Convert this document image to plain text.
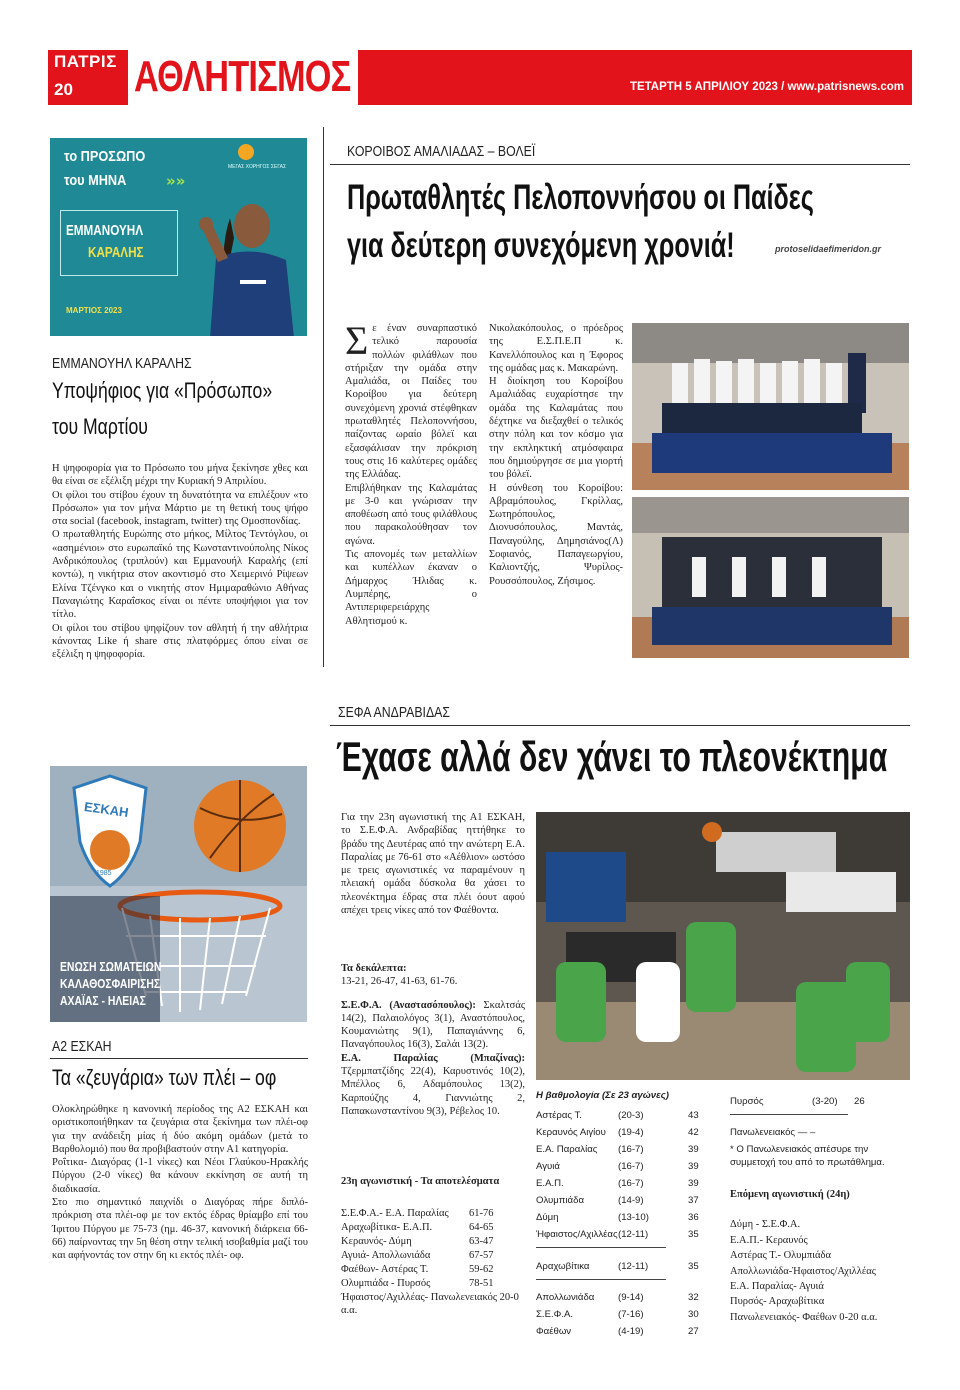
ΠΑΤΡΙΣ
20 ΑΘΛΗΤΙΣΜΟΣ	ΤΕΤΑΡΤΗ 5 ΑΠΡΙΛΙΟΥ 2023 / www.patrisnews.com
το ΠΡΟΣΩΠΟ
του ΜΗΝΑ	»»
ΜΕΓΑΣ ΧΟΡΗΓΟΣ ΣΕΓΑΣ
ΕΜΜΑΝΟΥΗΛ
ΚΑΡΑΛΗΣ
ΜΑΡΤΙΟΣ 2023
ΕΜΜΑΝΟΥΗΛ ΚΑΡΑΛΗΣ
Υποψήφιος για «Πρόσωπο»
του Μαρτίου

Η ψηφοφορία για το Πρόσωπο του μήνα ξεκίνησε χθες και θα είναι σε εξέλιξη μέχρι την Κυριακή 9 Απριλίου.

Οι φίλοι του στίβου έχουν τη δυνατότητα να επιλέξουν «το Πρόσωπο» για τον μήνα Μάρτιο με τη θετική τους ψήφο στα social (facebook, instagram, twitter) της Ομοσπονδίας.

Ο πρωταθλητής Ευρώπης στο μήκος, Μίλτος Τεντόγλου, οι «ασημένιοι» στο ευρωπαϊκό της Κωνσταντινούπολης Νίκος Ανδρικόπουλος (τριπλούν) και Εμμανουήλ Καραλής (επί κοντώ), η νικήτρια στον ακοντισμό στο Χειμερινό Ρίψεων Ελίνα Τζένγκο και ο νικητής στον Ημιμαραθώνιο Αθήνας Παναγιώτης Καραΐσκος είναι οι πέντε υποψήφιοι για τον τίτλο.

Οι φίλοι του στίβου ψηφίζουν τον αθλητή ή την αθλήτρια κάνοντας Like ή share στις πλατφόρμες όπου είναι σε εξέλιξη η ψηφοφορία.

ΚΟΡΟΙΒΟΣ ΑΜΑΛΙΑΔΑΣ – ΒΟΛΕΪ
Πρωταθλητές Πελοποννήσου οι Παίδες
για δεύτερη συνεχόμενη χρονιά!	protoselidaefimeridon.gr

Σε έναν συναρπαστικό τελικό παρουσία πολλών φιλάθλων που στήριξαν την ομάδα στην Αμαλιάδα, οι Παίδες του Κοροίβου για δεύτερη συνεχόμενη χρονιά στέφθηκαν πρωταθλητές Πελοποννήσου, παίζοντας ωραίο βόλεϊ και εξασφάλισαν την πρόκριση τους στις 16 καλύτερες ομάδες της Ελλάδας.

Επιβλήθηκαν της Καλαμάτας με 3-0 και γνώρισαν την αποθέωση από τους φιλάθλους που παρακολούθησαν τον αγώνα.

Τις απονομές των μεταλλίων και κυπέλλων έκαναν ο Δήμαρχος Ήλιδας κ. Λυμπέρης, ο Αντιπεριφερειάρχης Αθλητισμού κ.

Νικολακόπουλος, ο πρόεδρος της Ε.Σ.Π.Ε.Π κ. Κανελλόπουλος και η Έφορος της ομάδας μας κ. Μακαρώνη.

Η διοίκηση του Κοροίβου Αμαλιάδας ευχαρίστησε την ομάδα της Καλαμάτας που δέχτηκε να διεξαχθεί ο τελικός στην πόλη και τον κόσμο για την εκπληκτική ατμόσφαιρα που δημιούργησε σε μια γιορτή του βόλεϊ.

Η σύνθεση του Κοροίβου: Αβραμόπουλος, Γκρίλλας, Σωτηρόπουλος, Διονυσόπουλος, Μαντάς, Παναγούλης, Δημησιάνος(Λ) Σοφιανός, Παπαγεωργίου, Καλιοντζής, Ψυρίλος-Ρουσσόπουλος, Ζήσιμος.

ΕΣΚΑΗ
1985
ΕΝΩΣΗ ΣΩΜΑΤΕΙΩΝ
ΚΑΛΑΘΟΣΦΑΙΡΙΣΗΣ
ΑΧΑΪΑΣ - ΗΛΕΙΑΣ
Α2 ΕΣΚΑΗ
Τα «ζευγάρια» των πλέι – οφ

Ολοκληρώθηκε η κανονική περίοδος της Α2 ΕΣΚΑΗ και οριστικοποιήθηκαν τα ζευγάρια στα ξεκίνημα των πλέι-οφ για την ανάδειξη μίας ή δύο ακόμη ομάδων (μετά το Βαρθολομιό) που θα προβιβαστούν στην Α1 κατηγορία.

Ροΐτικα- Διαγόρας (1-1 νίκες) και Νέοι Γλαύκου-Ηρακλής Πύργου (2-0 νίκες) θα κάνουν εκκίνηση σε αυτή τη διαδικασία.

Στο πιο σημαντικό παιχνίδι ο Διαγόρας πήρε διπλό-πρόκριση στα πλέι-οφ με τον εκτός έδρας θρίαμβο επί του Ίφιτου Πύργου με 75-73 (ημ. 46-37, κανονική διάρκεια 66-66) παίρνοντας την 5η θέση στην τελική ισοβαθμία μαζί του και αφήνοντάς τον στην 6η κι εκτός πλέι- οφ.

ΣΕΦΑ ΑΝΔΡΑΒΙΔΑΣ
Έχασε αλλά δεν χάνει το πλεονέκτημα

Για την 23η αγωνιστική της Α1 ΕΣΚΑΗ, το Σ.Ε.Φ.Α. Ανδραβίδας ηττήθηκε το βράδυ της Δευτέρας από την ανώτερη Ε.Α. Παραλίας με 76-61 στο «Αέθλιον» ωστόσο με τρεις αγωνιστικές να παραμένουν η πλειακή ομάδα δύσκολα θα χάσει το πλεονέκτημα έδρας στα πλέι όουτ αφού απέχει τρεις νίκες από τον Φαέθοντα.

Τα δεκάλεπτα:

13-21, 26-47, 41-63, 61-76.

Σ.Ε.Φ.Α. (Αναστασόπουλος): Σκαλτσάς 14(2), Παλαιολόγος 3(1), Αναστόπουλος, Κουμανιώτης 9(1), Παπαγιάννης 6, Παναγόπουλος 16(3), Σαλάι 13(2).

Ε.Α. Παραλίας (Μπαζίνας): Τζερμπατζίδης 22(4), Καρυστινός 10(2), Μπέλλος 6, Αδαμόπουλος 13(2), Καρπούζης 4, Γιαννιώτης 2, Παπακωνσταντίνου 9(3), Ρέβελος 10.

23η αγωνιστική - Τα αποτελέσματα
Σ.Ε.Φ.Α.- Ε.Α. Παραλίας 61-76
Αραχωβίτικα- Ε.Α.Π.	64-65
Κεραυνός- Δύμη	63-47
Αγυιά- Απολλωνιάδα	67-57
Φαέθων- Αστέρας Τ.	59-62
Ολυμπιάδα - Πυρσός	78-51
Ήφαιστος/Αχιλλέας- Πανωλενειακός 20-0 α.α.
Η βαθμολογία (Σε 23 αγώνες)
Αστέρας Τ.	(20-3)	43
Κεραυνός Αιγίου (19-4)	42
Ε.Α. Παραλίας (16-7)	39
Αγυιά	(16-7)	39
Ε.Α.Π.	(16-7)	39
Ολυμπιάδα	(14-9)	37
Δύμη	(13-10)	36
Ήφαιστος/Αχιλλέας (12-11)	35
Αραχωβίτικα	(12-11)	35
Απολλωνιάδα (9-14)	32
Σ.Ε.Φ.Α.	(7-16)	30
Φαέθων	(4-19)	27
Πυρσός	(3-20) 26
Πανωλενειακός — –
* Ο Πανωλενειακός απέσυρε την συμμετοχή του από το πρωτάθλημα.

Επόμενη αγωνιστική (24η)

Δύμη - Σ.Ε.Φ.Α.

Ε.Α.Π.- Κεραυνός

Αστέρας Τ.- Ολυμπιάδα

Απολλωνιάδα-Ήφαιστος/Αχιλλέας

Ε.Α. Παραλίας- Αγυιά

Πυρσός- Αραχωβίτικα

Πανωλενειακός- Φαέθων 0-20 α.α.
